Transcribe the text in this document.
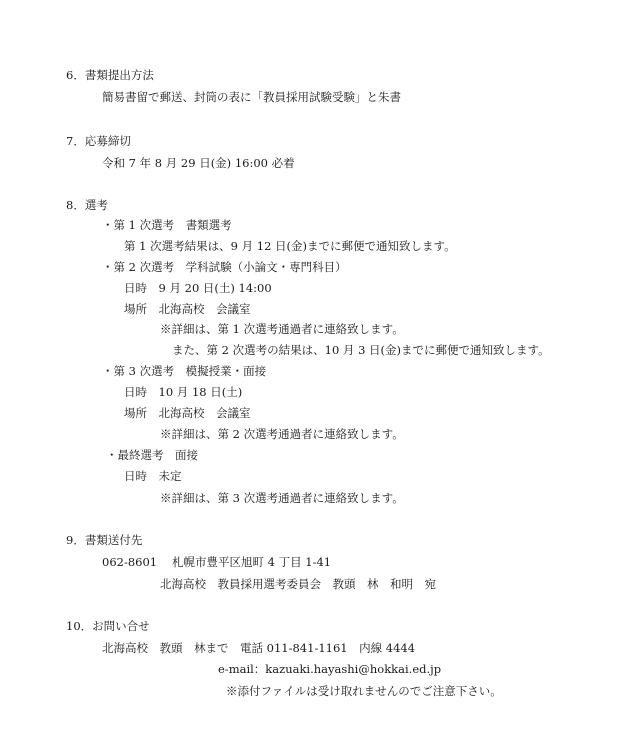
6．書類提出方法
簡易書留で郵送、封筒の表に「教員採用試験受験」と朱書
7．応募締切
令和 7 年 8 月 29 日(金) 16:00 必着
8．選考
・第 1 次選考　書類選考
第 1 次選考結果は、9 月 12 日(金)までに郵便で通知致します。
・第 2 次選考　学科試験（小論文・専門科目）
日時　9 月 20 日(土) 14:00
場所　北海高校　会議室
※詳細は、第 1 次選考通過者に連絡致します。
また、第 2 次選考の結果は、10 月 3 日(金)までに郵便で通知致します。
・第 3 次選考　模擬授業・面接
日時　10 月 18 日(土)
場所　北海高校　会議室
※詳細は、第 2 次選考通過者に連絡致します。
・最終選考　面接
日時　未定
※詳細は、第 3 次選考通過者に連絡致します。
9．書類送付先
062-8601 札幌市豊平区旭町 4 丁目 1-41
北海高校　教員採用選考委員会　教頭　林　和明　宛
10．お問い合せ
北海高校　教頭　林まで　電話 011-841-1161　内線 4444
e-mail：kazuaki.hayashi@hokkai.ed.jp
※添付ファイルは受け取れませんのでご注意下さい。
